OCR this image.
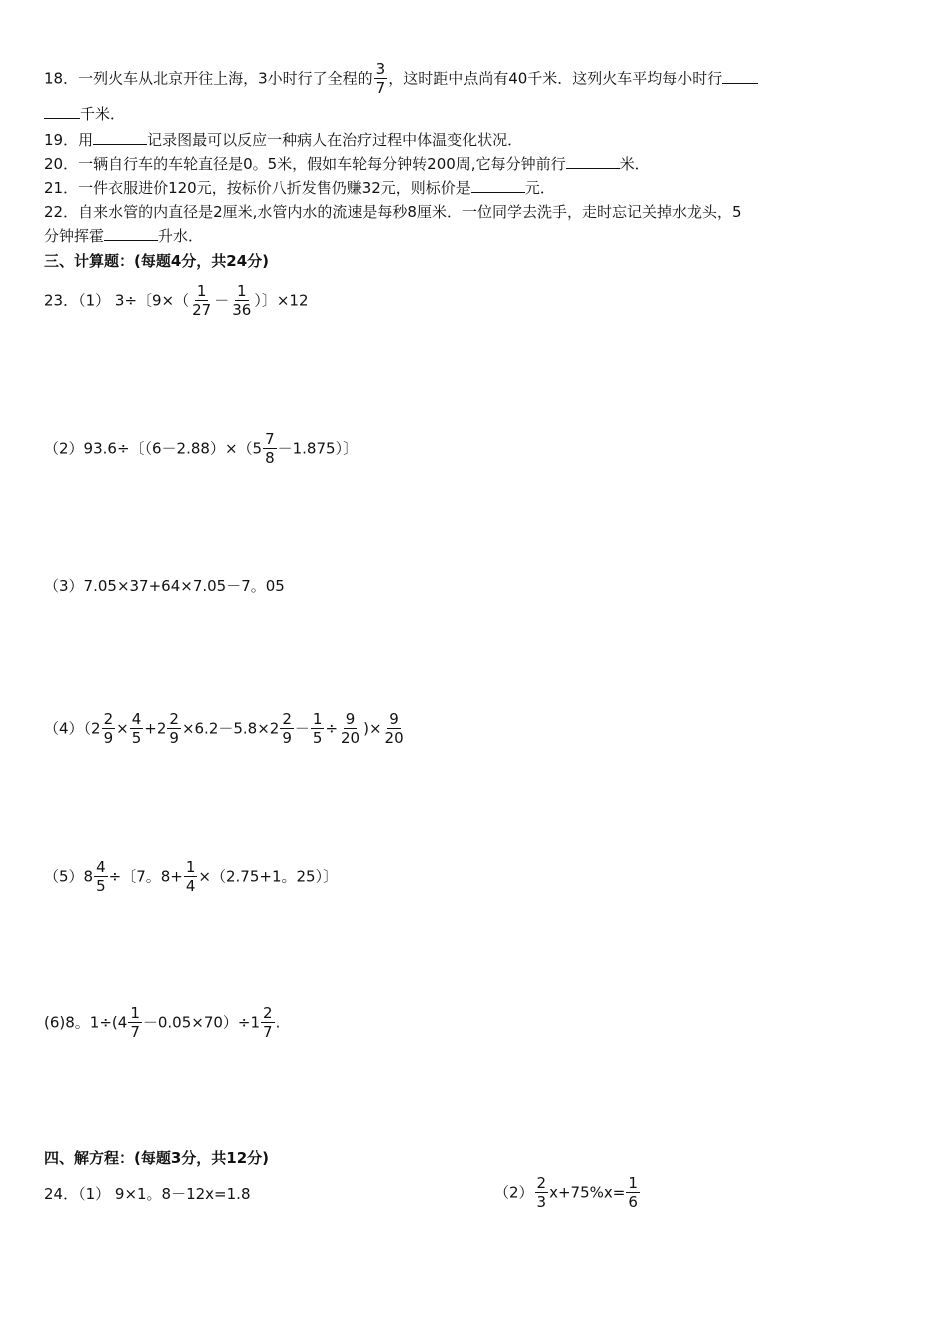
18．一列火车从北京开往上海，3小时行了全程的 $\frac{3}{7}$ ，这时距中点尚有40千米．这列火车平均每小时行
千米．
19．用	记录图最可以反应一种病人在治疗过程中体温变化状况．
20．一辆自行车的车轮直径是0。5米，假如车轮每分钟转200周,它每分钟前行	米．
21．一件衣服进价120元，按标价八折发售仍赚32元，则标价是	元．
22．自来水管的内直径是2厘米,水管内水的流速是每秒8厘米．一位同学去洗手，走时忘记关掉水龙头，5
分钟挥霍	升水．
三、计算题：(每题4分，共24分)
23．（1） 3÷〔$9\times( \frac{1}{27} - \frac{1}{36}$ ）〕×12
（2）93.6÷〔$(6-2.88)\times(5 \frac{7}{8} -1.875)$〕
（3）7.05×37+64×7.05－7。05
$(4)(2 \frac{2}{9} \times \frac{4}{5} +2 \frac{2}{9} \times 6.2-5.8\times 2 \frac{2}{9} - \frac{1}{5} \div \frac{9}{20}$ )× $\frac{9}{20}$
$(5)8 \frac{4}{5}$ ÷〔7。$8+ \frac{1}{4} \times(2.75+1$。25）〕
(6)8。$1\div(4 \frac{1}{7} -0.05\times 70)\div 1 \frac{2}{7}$ .
四、解方程：(每题3分，共12分)
24．（1） 9×1。8－12x=1.8	$(2) \frac{2}{3} x+75\%x= \frac{1}{6}$
